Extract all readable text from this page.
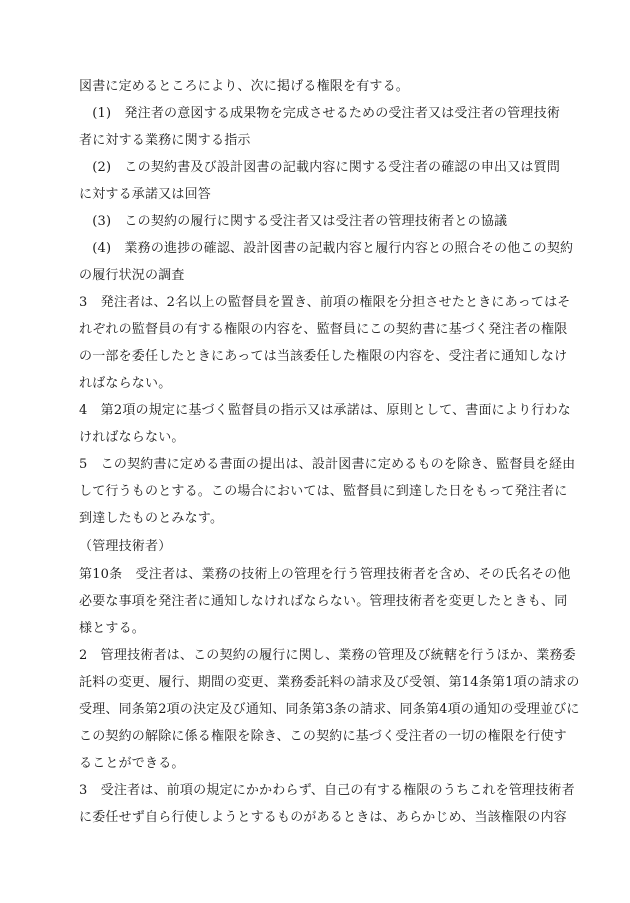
図書に定めるところにより、次に掲げる権限を有する。
　(1)　発注者の意図する成果物を完成させるための受注者又は受注者の管理技術
者に対する業務に関する指示
　(2)　この契約書及び設計図書の記載内容に関する受注者の確認の申出又は質問
に対する承諾又は回答
　(3)　この契約の履行に関する受注者又は受注者の管理技術者との協議
　(4)　業務の進捗の確認、設計図書の記載内容と履行内容との照合その他この契約
の履行状況の調査
3　発注者は、2名以上の監督員を置き、前項の権限を分担させたときにあってはそ
れぞれの監督員の有する権限の内容を、監督員にこの契約書に基づく発注者の権限
の一部を委任したときにあっては当該委任した権限の内容を、受注者に通知しなけ
ればならない。
4　第2項の規定に基づく監督員の指示又は承諾は、原則として、書面により行わな
ければならない。
5　この契約書に定める書面の提出は、設計図書に定めるものを除き、監督員を経由
して行うものとする。この場合においては、監督員に到達した日をもって発注者に
到達したものとみなす。
（管理技術者）
第10条　受注者は、業務の技術上の管理を行う管理技術者を含め、その氏名その他
必要な事項を発注者に通知しなければならない。管理技術者を変更したときも、同
様とする。
2　管理技術者は、この契約の履行に関し、業務の管理及び統轄を行うほか、業務委
託料の変更、履行、期間の変更、業務委託料の請求及び受領、第14条第1項の請求の
受理、同条第2項の決定及び通知、同条第3条の請求、同条第4項の通知の受理並びに
この契約の解除に係る権限を除き、この契約に基づく受注者の一切の権限を行使す
ることができる。
3　受注者は、前項の規定にかかわらず、自己の有する権限のうちこれを管理技術者
に委任せず自ら行使しようとするものがあるときは、あらかじめ、当該権限の内容
